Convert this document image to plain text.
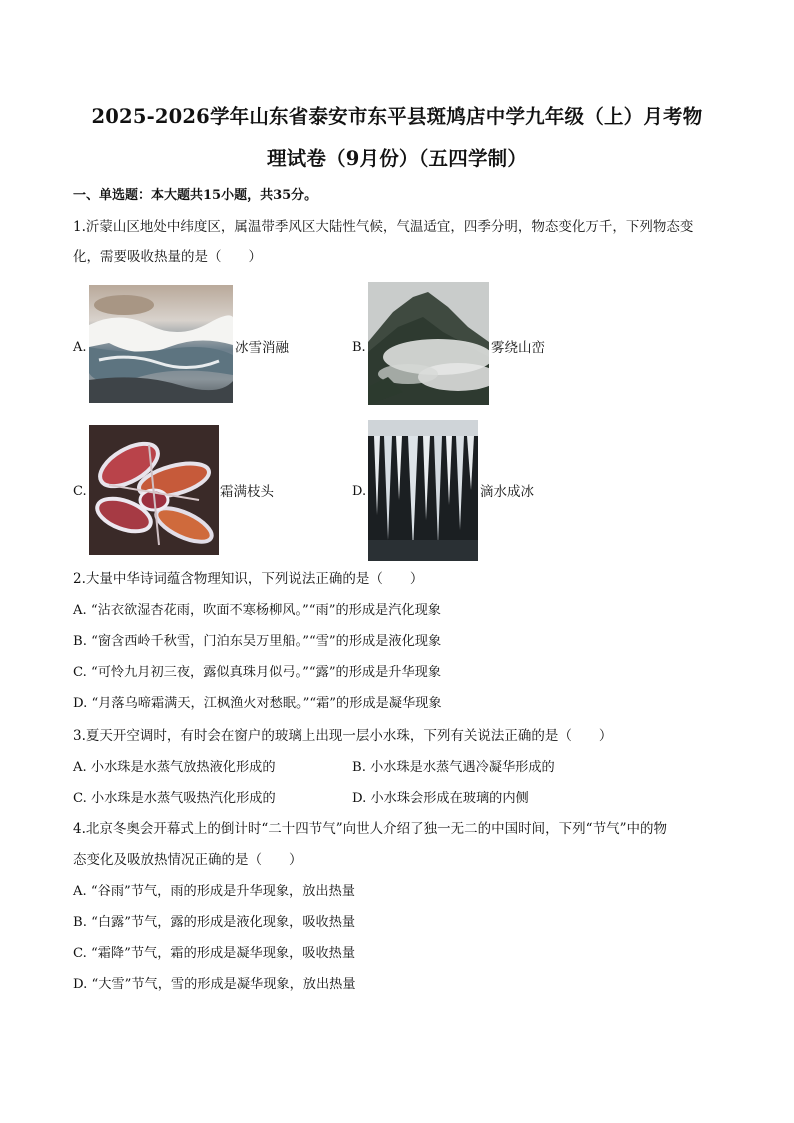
2025-2026学年山东省泰安市东平县斑鸠店中学九年级（上）月考物
理试卷（9月份）（五四学制）
一、单选题：本大题共15小题，共35分。
1.沂蒙山区地处中纬度区，属温带季风区大陆性气候，气温适宜，四季分明，物态变化万千，下列物态变
化，需要吸收热量的是（　　）
A.	冰雪消融	B.	雾绕山峦
C.	霜满枝头	D.	滴水成冰
2.大量中华诗词蕴含物理知识，下列说法正确的是（　　）
A. “沾衣欲湿杏花雨，吹面不寒杨柳风。”“雨”的形成是汽化现象
B. “窗含西岭千秋雪，门泊东吴万里船。”“雪”的形成是液化现象
C. “可怜九月初三夜，露似真珠月似弓。”“露”的形成是升华现象
D. “月落乌啼霜满天，江枫渔火对愁眠。”“霜”的形成是凝华现象
3.夏天开空调时，有时会在窗户的玻璃上出现一层小水珠，下列有关说法正确的是（　　）
A. 小水珠是水蒸气放热液化形成的	B. 小水珠是水蒸气遇冷凝华形成的
C. 小水珠是水蒸气吸热汽化形成的	D. 小水珠会形成在玻璃的内侧
4.北京冬奥会开幕式上的倒计时“二十四节气”向世人介绍了独一无二的中国时间，下列“节气”中的物
态变化及吸放热情况正确的是（　　）
A. “谷雨”节气，雨的形成是升华现象，放出热量
B. “白露”节气，露的形成是液化现象，吸收热量
C. “霜降”节气，霜的形成是凝华现象，吸收热量
D. “大雪”节气，雪的形成是凝华现象，放出热量
